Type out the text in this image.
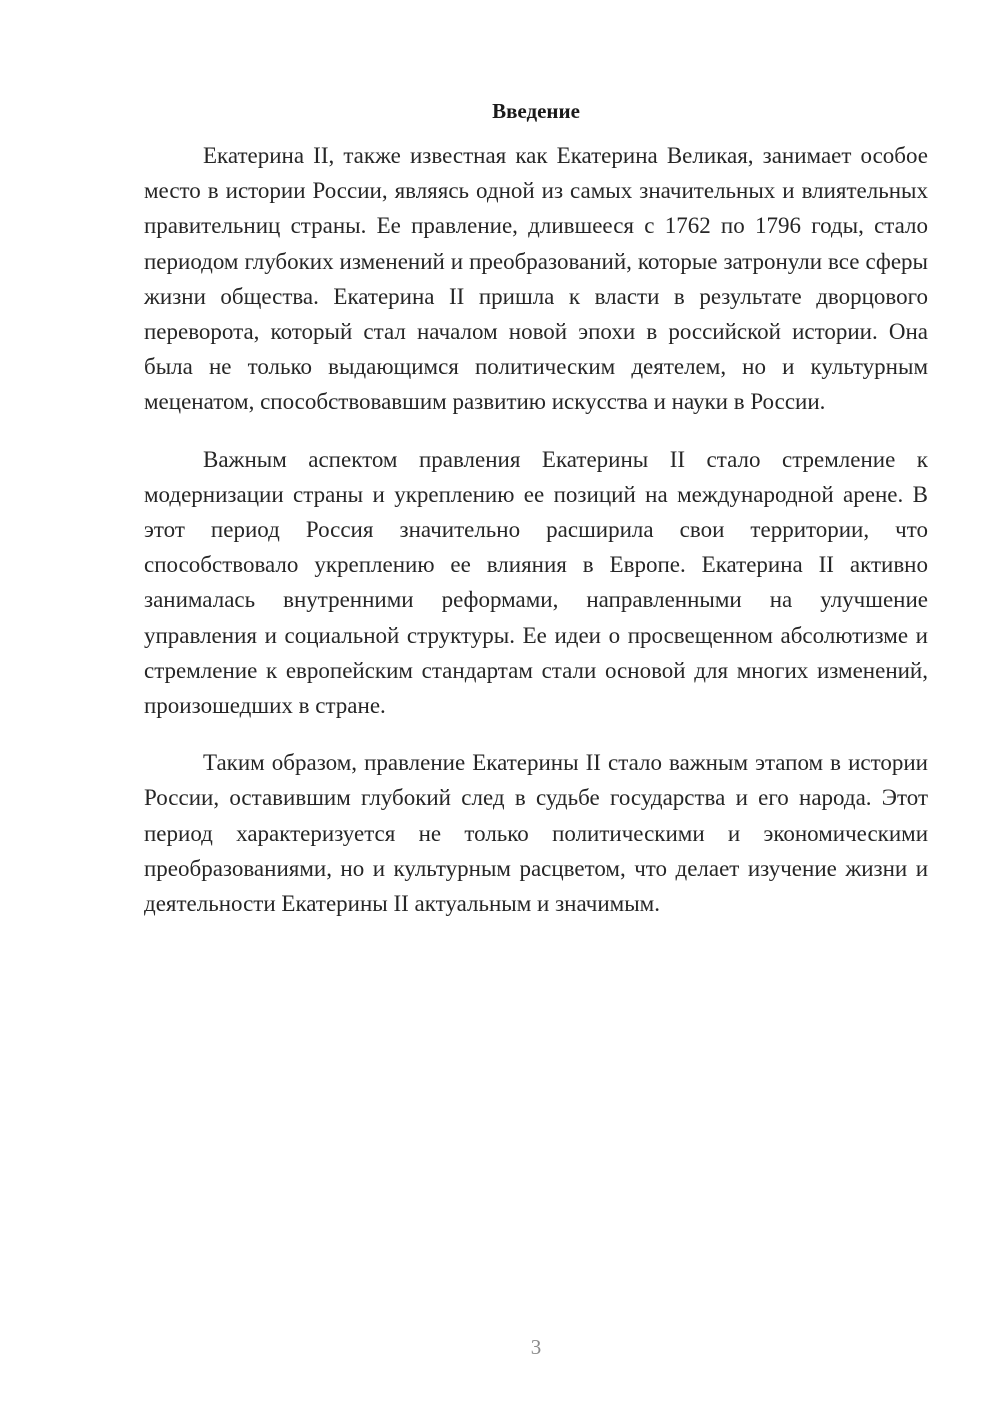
Введение

Екатерина II, также известная как Екатерина Великая, занимает особое место в истории России, являясь одной из самых значительных и влиятельных правительниц страны. Ее правление, длившееся с 1762 по 1796 годы, стало периодом глубоких изменений и преобразований, которые затронули все сферы жизни общества. Екатерина II пришла к власти в результате дворцового переворота, который стал началом новой эпохи в российской истории. Она была не только выдающимся политическим деятелем, но и культурным меценатом, способствовавшим развитию искусства и науки в России.

Важным аспектом правления Екатерины II стало стремление к модернизации страны и укреплению ее позиций на международной арене. В этот период Россия значительно расширила свои территории, что способствовало укреплению ее влияния в Европе. Екатерина II активно занималась внутренними реформами, направленными на улучшение управления и социальной структуры. Ее идеи о просвещенном абсолютизме и стремление к европейским стандартам стали основой для многих изменений, произошедших в стране.

Таким образом, правление Екатерины II стало важным этапом в истории России, оставившим глубокий след в судьбе государства и его народа. Этот период характеризуется не только политическими и экономическими преобразованиями, но и культурным расцветом, что делает изучение жизни и деятельности Екатерины II актуальным и значимым.

3
